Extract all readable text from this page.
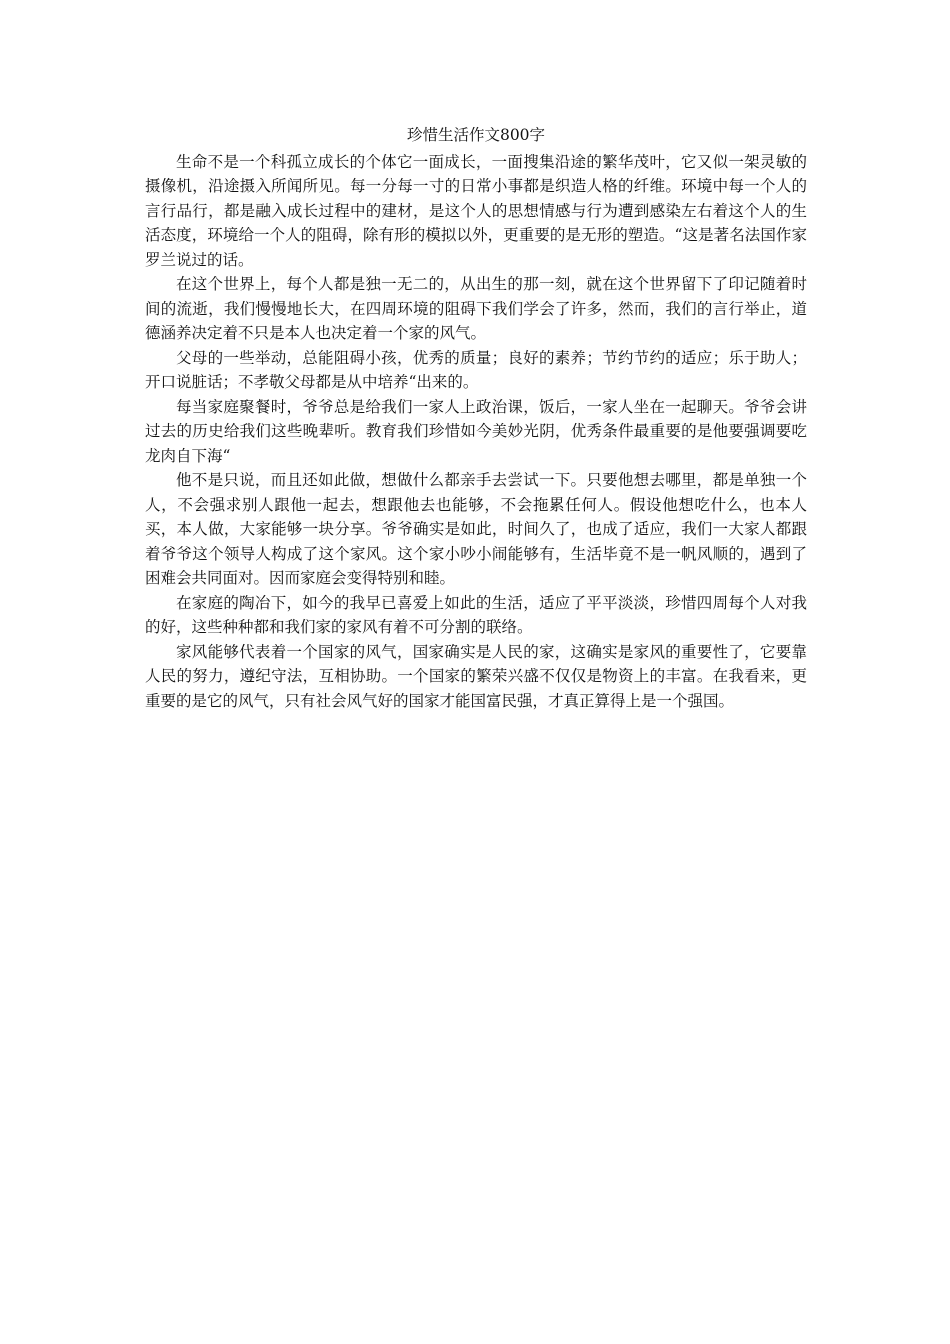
珍惜生活作文800字

生命不是一个科孤立成长的个体它一面成长，一面搜集沿途的繁华茂叶，它又似一架灵敏的摄像机，沿途摄入所闻所见。每一分每一寸的日常小事都是织造人格的纤维。环境中每一个人的言行品行，都是融入成长过程中的建材，是这个人的思想情感与行为遭到感染左右着这个人的生活态度，环境给一个人的阻碍，除有形的模拟以外，更重要的是无形的塑造。“这是著名法国作家罗兰说过的话。

在这个世界上，每个人都是独一无二的，从出生的那一刻，就在这个世界留下了印记随着时间的流逝，我们慢慢地长大，在四周环境的阻碍下我们学会了许多，然而，我们的言行举止，道德涵养决定着不只是本人也决定着一个家的风气。

父母的一些举动，总能阻碍小孩，优秀的质量；良好的素养；节约节约的适应；乐于助人；开口说脏话；不孝敬父母都是从中培养“出来的。

每当家庭聚餐时，爷爷总是给我们一家人上政治课，饭后，一家人坐在一起聊天。爷爷会讲过去的历史给我们这些晚辈听。教育我们珍惜如今美妙光阴，优秀条件最重要的是他要强调要吃龙肉自下海“

他不是只说，而且还如此做，想做什么都亲手去尝试一下。只要他想去哪里，都是单独一个人，不会强求别人跟他一起去，想跟他去也能够，不会拖累任何人。假设他想吃什么，也本人买，本人做，大家能够一块分享。爷爷确实是如此，时间久了，也成了适应，我们一大家人都跟着爷爷这个领导人构成了这个家风。这个家小吵小闹能够有，生活毕竟不是一帆风顺的，遇到了困难会共同面对。因而家庭会变得特别和睦。

在家庭的陶冶下，如今的我早已喜爱上如此的生活，适应了平平淡淡，珍惜四周每个人对我的好，这些种种都和我们家的家风有着不可分割的联络。

家风能够代表着一个国家的风气，国家确实是人民的家，这确实是家风的重要性了，它要靠人民的努力，遵纪守法，互相协助。一个国家的繁荣兴盛不仅仅是物资上的丰富。在我看来，更重要的是它的风气，只有社会风气好的国家才能国富民强，才真正算得上是一个强国。
